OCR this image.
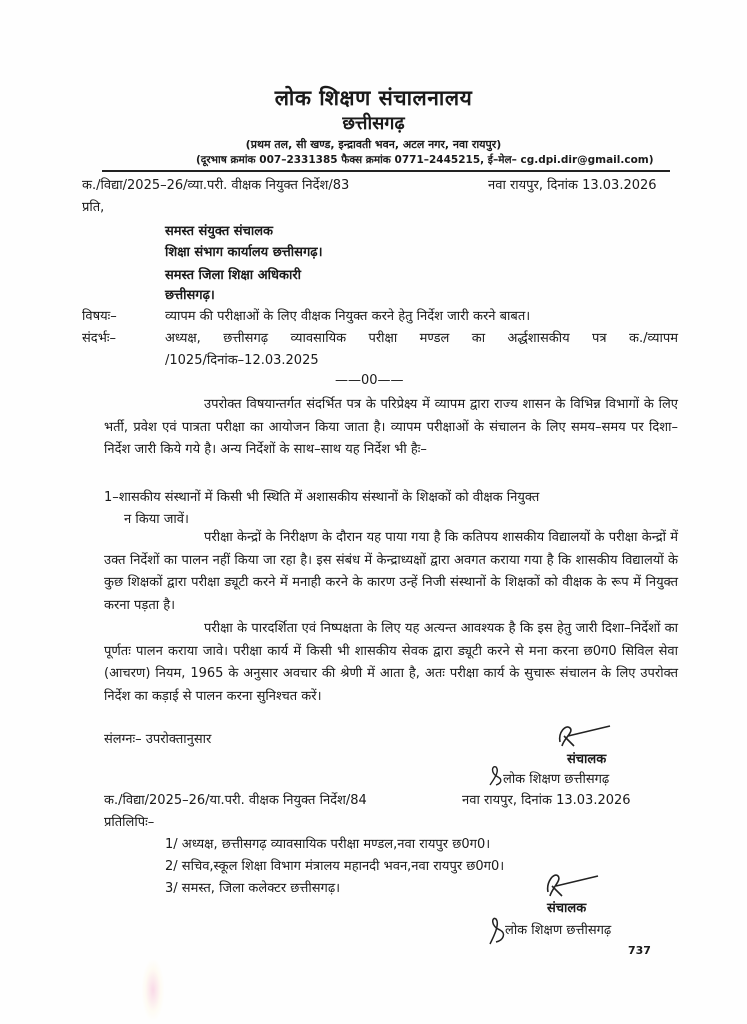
लोक शिक्षण संचालनालय
छत्तीसगढ़
(प्रथम तल, सी खण्ड, इन्द्रावती भवन, अटल नगर, नवा रायपुर)
(दूरभाष क्रमांक 007–2331385 फैक्स क्रमांक 0771–2445215, ई–मेल– cg.dpi.dir@gmail.com)
क./विद्या/2025–26/व्या.परी. वीक्षक नियुक्त निर्देश/83	नवा रायपुर, दिनांक 13.03.2026
प्रति,
समस्त संयुक्त संचालक
शिक्षा संभाग कार्यालय छत्तीसगढ़।
समस्त जिला शिक्षा अधिकारी
छत्तीसगढ़।
विषयः–	व्यापम की परीक्षाओं के लिए वीक्षक नियुक्त करने हेतु निर्देश जारी करने बाबत।
संदर्भः–	अध्यक्ष, छत्तीसगढ़ व्यावसायिक परीक्षा मण्डल का अर्द्धशासकीय पत्र क./व्यापम
/1025/दिनांक–12.03.2025
——00——
उपरोक्त विषयान्तर्गत संदर्भित पत्र के परिप्रेक्ष्य में व्यापम द्वारा राज्य शासन के विभिन्न विभागों के लिए भर्ती, प्रवेश एवं पात्रता परीक्षा का आयोजन किया जाता है। व्यापम परीक्षाओं के संचालन के लिए समय–समय पर दिशा–निर्देश जारी किये गये है। अन्य निर्देशों के साथ–साथ यह निर्देश भी हैः–
1–शासकीय संस्थानों में किसी भी स्थिति में अशासकीय संस्थानों के शिक्षकों को वीक्षक नियुक्त
न किया जावें।
परीक्षा केन्द्रों के निरीक्षण के दौरान यह पाया गया है कि कतिपय शासकीय विद्यालयों के परीक्षा केन्द्रों में उक्त निर्देशों का पालन नहीं किया जा रहा है। इस संबंध में केन्द्राध्यक्षों द्वारा अवगत कराया गया है कि शासकीय विद्यालयों के कुछ शिक्षकों द्वारा परीक्षा ड्यूटी करने में मनाही करने के कारण उन्हें निजी संस्थानों के शिक्षकों को वीक्षक के रूप में नियुक्त करना पड़ता है।
परीक्षा के पारदर्शिता एवं निष्पक्षता के लिए यह अत्यन्त आवश्यक है कि इस हेतु जारी दिशा–निर्देशों का पूर्णतः पालन कराया जावे। परीक्षा कार्य में किसी भी शासकीय सेवक द्वारा ड्यूटी करने से मना करना छ0ग0 सिविल सेवा (आचरण) नियम, 1965 के अनुसार अवचार की श्रेणी में आता है, अतः परीक्षा कार्य के सुचारू संचालन के लिए उपरोक्त निर्देश का कड़ाई से पालन करना सुनिश्चत करें।
संलग्नः– उपरोक्तानुसार
संचालक
लोक शिक्षण छत्तीसगढ़
क./विद्या/2025–26/या.परी. वीक्षक नियुक्त निर्देश/84	नवा रायपुर, दिनांक 13.03.2026
प्रतिलिपिः–
1/ अध्यक्ष, छत्तीसगढ़ व्यावसायिक परीक्षा मण्डल,नवा रायपुर छ0ग0।
2/ सचिव,स्कूल शिक्षा विभाग मंत्रालय महानदी भवन,नवा रायपुर छ0ग0।
3/ समस्त, जिला कलेक्टर छत्तीसगढ़।
संचालक
लोक शिक्षण छत्तीसगढ़
737
